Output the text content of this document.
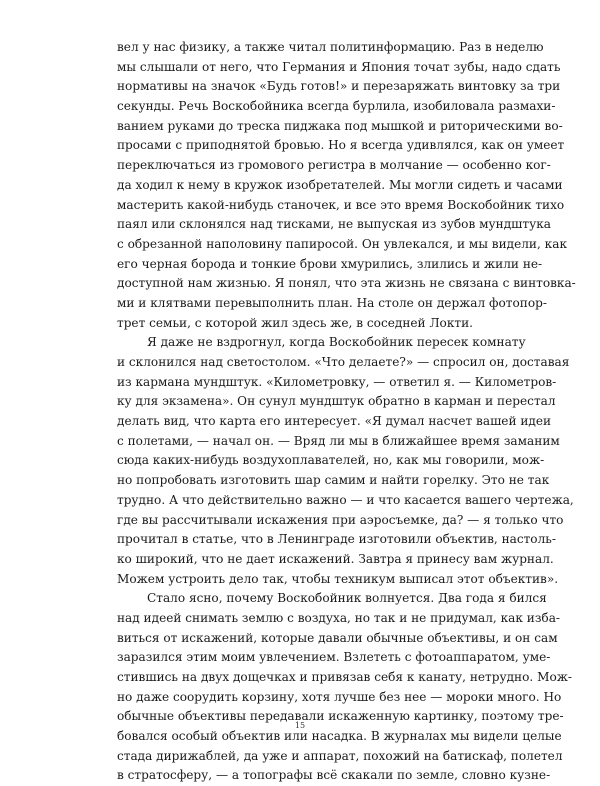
вел у нас физику, а также читал политинформацию. Раз в неделю
мы слышали от него, что Германия и Япония точат зубы, надо сдать
нормативы на значок «Будь готов!» и перезаряжать винтовку за три
секунды. Речь Воскобойника всегда бурлила, изобиловала размахи-
ванием руками до треска пиджака под мышкой и риторическими во-
просами с приподнятой бровью. Но я всегда удивлялся, как он умеет
переключаться из громового регистра в молчание — особенно ког-
да ходил к нему в кружок изобретателей. Мы могли сидеть и часами
мастерить какой-нибудь станочек, и все это время Воскобойник тихо
паял или склонялся над тисками, не выпуская из зубов мундштука
с обрезанной наполовину папиросой. Он увлекался, и мы видели, как
его черная борода и тонкие брови хмурились, злились и жили не-
доступной нам жизнью. Я понял, что эта жизнь не связана с винтовка-
ми и клятвами перевыполнить план. На столе он держал фотопор-
трет семьи, с которой жил здесь же, в соседней Локти.
Я даже не вздрогнул, когда Воскобойник пересек комнату
и склонился над светостолом. «Что делаете?» — спросил он, доставая
из кармана мундштук. «Километровку, — ответил я. — Километров-
ку для экзамена». Он сунул мундштук обратно в карман и перестал
делать вид, что карта его интересует. «Я думал насчет вашей идеи
с полетами, — начал он. — Вряд ли мы в ближайшее время заманим
сюда каких-нибудь воздухоплавателей, но, как мы говорили, мож-
но попробовать изготовить шар самим и найти горелку. Это не так
трудно. А что действительно важно — и что касается вашего чертежа,
где вы рассчитывали искажения при аэросъемке, да? — я только что
прочитал в статье, что в Ленинграде изготовили объектив, настоль-
ко широкий, что не дает искажений. Завтра я принесу вам журнал.
Можем устроить дело так, чтобы техникум выписал этот объектив».
Стало ясно, почему Воскобойник волнуется. Два года я бился
над идеей снимать землю с воздуха, но так и не придумал, как изба-
виться от искажений, которые давали обычные объективы, и он сам
заразился этим моим увлечением. Взлететь с фотоаппаратом, уме-
стившись на двух дощечках и привязав себя к канату, нетрудно. Мож-
но даже соорудить корзину, хотя лучше без нее — мороки много. Но
обычные объективы передавали искаженную картинку, поэтому тре-
бовался особый объектив или насадка. В журналах мы видели целые
стада дирижаблей, да уже и аппарат, похожий на батискаф, полетел
в стратосферу, — а топографы всё скакали по земле, словно кузне-
15
